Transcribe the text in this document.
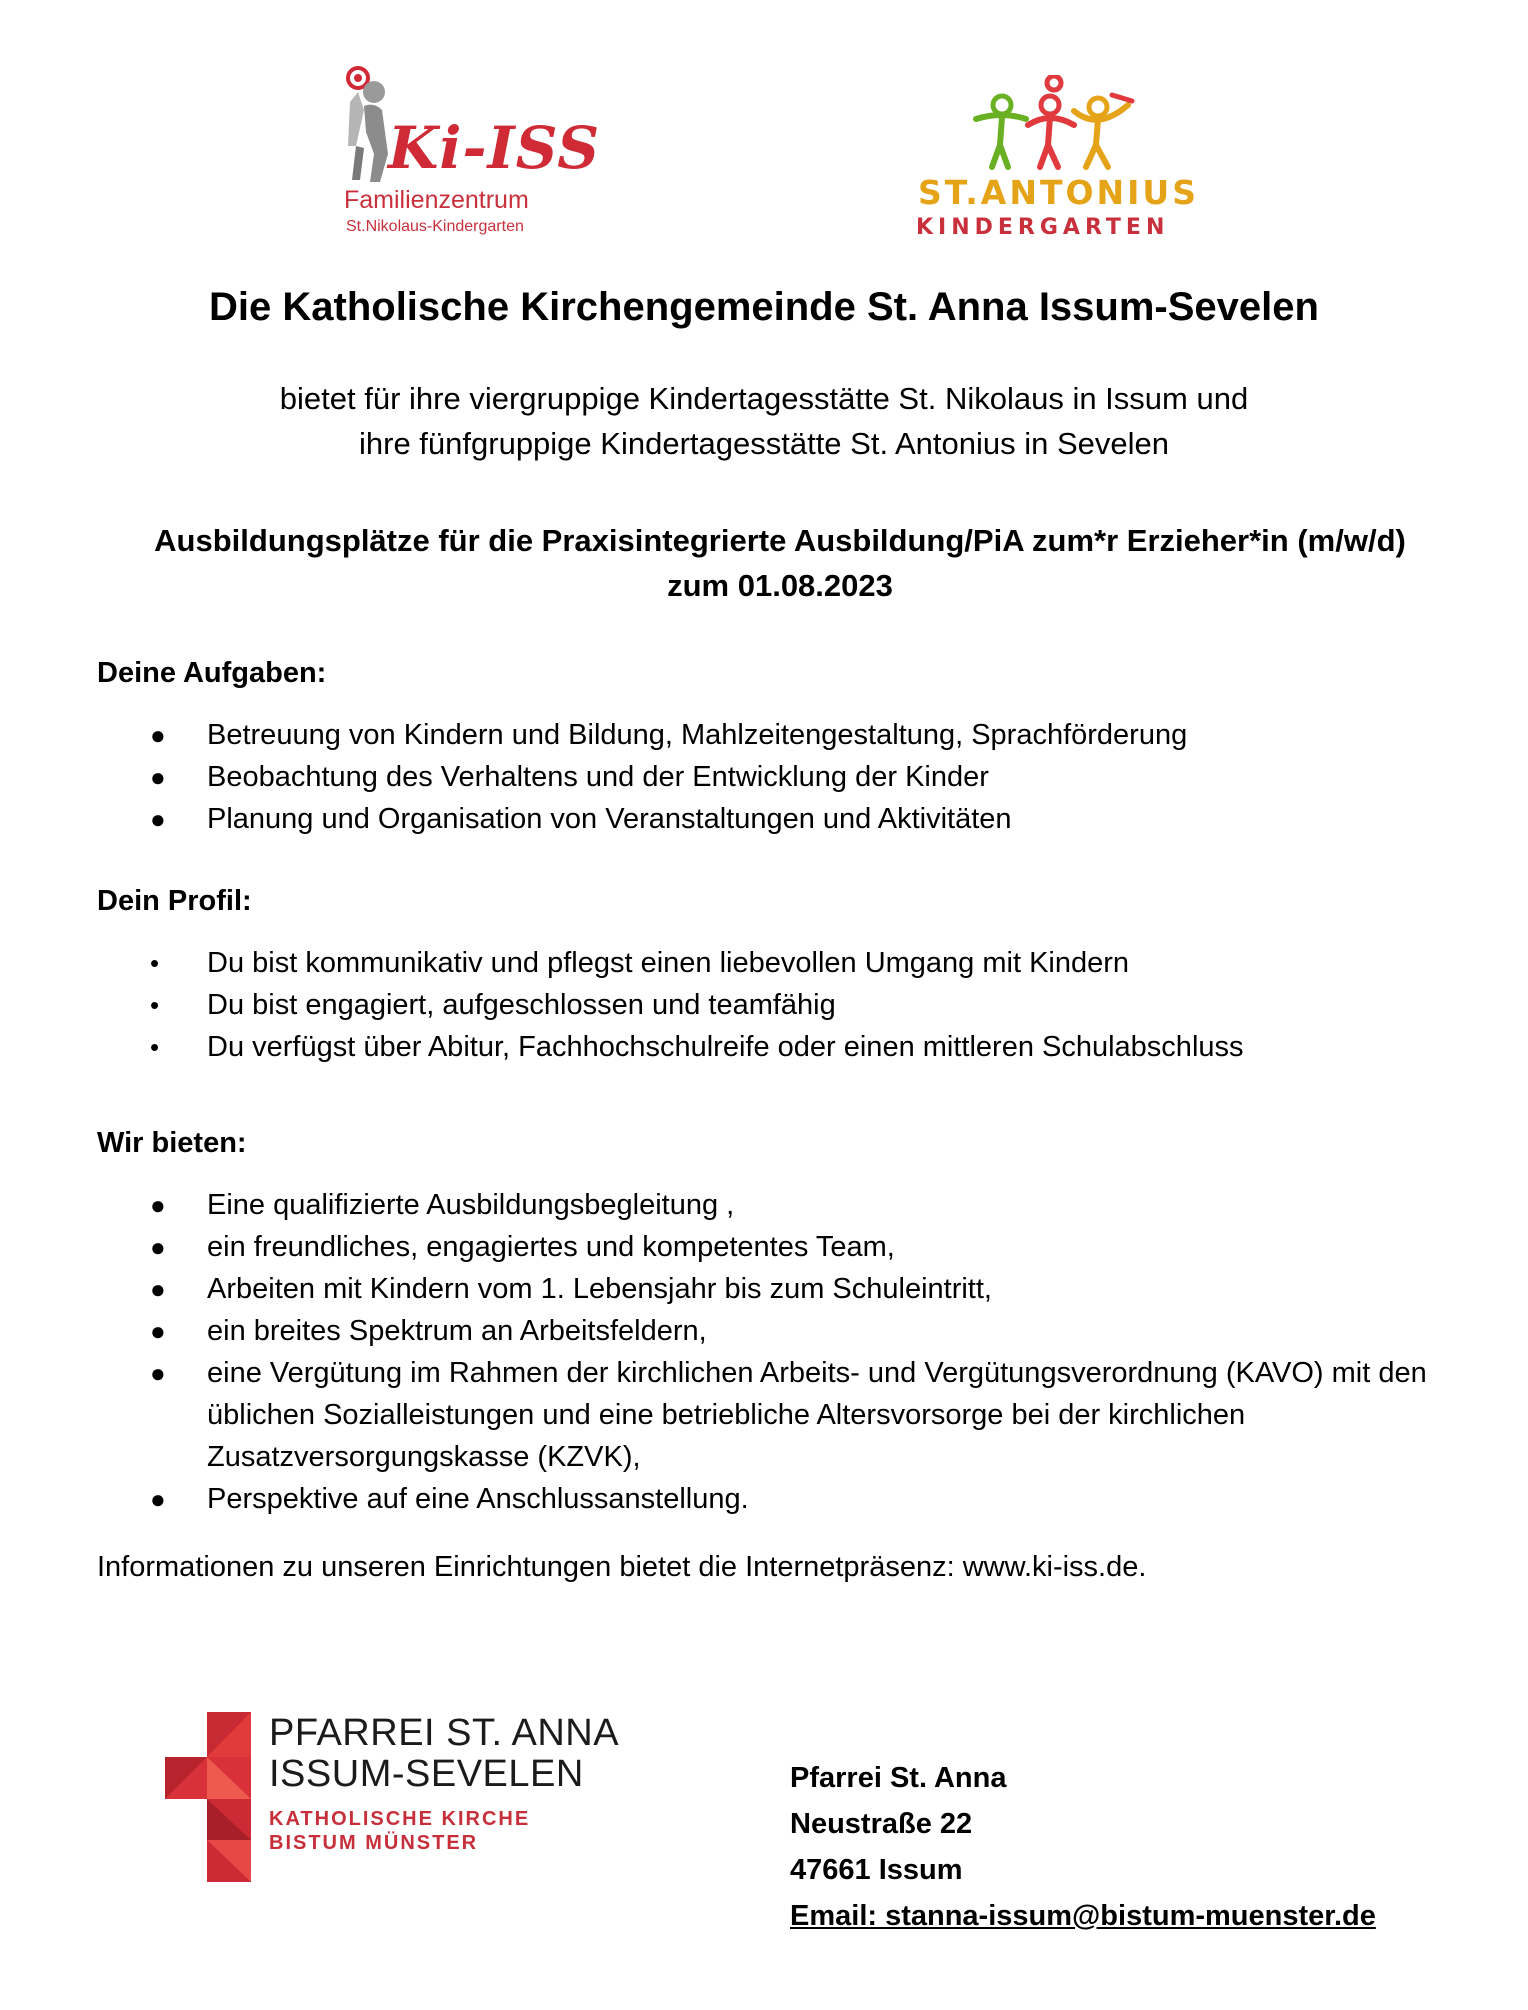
Ki-ISS
Familienzentrum
St.Nikolaus-Kindergarten
ST.ANTONIUS
KINDERGARTEN
Die Katholische Kirchengemeinde St. Anna Issum-Sevelen
bietet für ihre viergruppige Kindertagesstätte St. Nikolaus in Issum und
ihre fünfgruppige Kindertagesstätte St. Antonius in Sevelen
Ausbildungsplätze für die Praxisintegrierte Ausbildung/PiA zum*r Erzieher*in (m/w/d)
zum 01.08.2023
Deine Aufgaben:
● Betreuung von Kindern und Bildung, Mahlzeitengestaltung, Sprachförderung
● Beobachtung des Verhaltens und der Entwicklung der Kinder
● Planung und Organisation von Veranstaltungen und Aktivitäten
Dein Profil:
• Du bist kommunikativ und pflegst einen liebevollen Umgang mit Kindern
• Du bist engagiert, aufgeschlossen und teamfähig
• Du verfügst über Abitur, Fachhochschulreife oder einen mittleren Schulabschluss
Wir bieten:
● Eine qualifizierte Ausbildungsbegleitung ,
● ein freundliches, engagiertes und kompetentes Team,
● Arbeiten mit Kindern vom 1. Lebensjahr bis zum Schuleintritt,
● ein breites Spektrum an Arbeitsfeldern,
● eine Vergütung im Rahmen der kirchlichen Arbeits- und Vergütungsverordnung (KAVO) mit den üblichen Sozialleistungen und eine betriebliche Altersvorsorge bei der kirchlichen Zusatzversorgungskasse (KZVK),
● Perspektive auf eine Anschlussanstellung.
Informationen zu unseren Einrichtungen bietet die Internetpräsenz: www.ki-iss.de.
PFARREI ST. ANNA
ISSUM-SEVELEN
KATHOLISCHE KIRCHE
BISTUM MÜNSTER
Pfarrei St. Anna
Neustraße 22
47661 Issum
Email: stanna-issum@bistum-muenster.de
